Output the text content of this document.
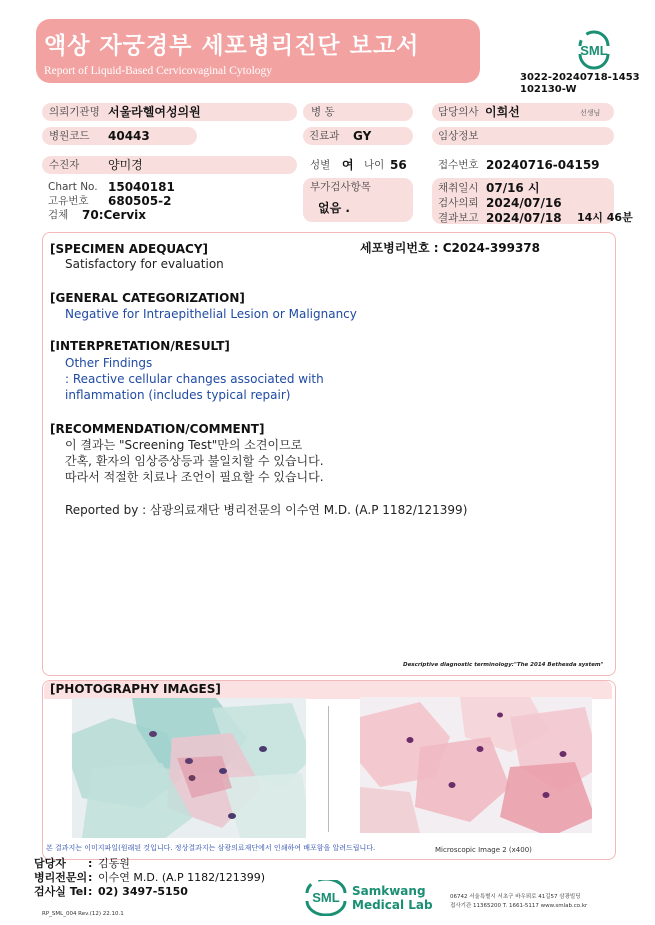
액상 자궁경부 세포병리진단 보고서
Report of Liquid-Based Cervicovaginal Cytology
SML
3022-20240718-1453
102130-W
의뢰기관명 서울라헬여성의원	병 동	담당의사 이희선	선생님
병원코드 40443	진료과 GY	임상정보
수진자 양미경	성별 여 나이 56	접수번호 20240716-04159
Chart No. 15040181
고유번호 680505-2
검체 70:Cervix
부가검사항목
없음 .
채취일시 07/16 시
검사의뢰 2024/07/16
결과보고 2024/07/18 14시 46분
[SPECIMEN ADEQUACY]	세포병리번호 : C2024-399378
Satisfactory for evaluation
[GENERAL CATEGORIZATION]
Negative for Intraepithelial Lesion or Malignancy
[INTERPRETATION/RESULT]
Other Findings
: Reactive cellular changes associated with
inflammation (includes typical repair)
[RECOMMENDATION/COMMENT]
이 결과는 "Screening Test"만의 소견이므로
간혹, 환자의 임상증상등과 불일치할 수 있습니다.
따라서 적절한 치료나 조언이 필요할 수 있습니다.
Reported by : 삼광의료재단 병리전문의 이수연 M.D. (A.P 1182/121399)
Descriptive diagnostic terminology:"The 2014 Bethesda system"
[PHOTOGRAPHY IMAGES]
본 결과지는 이미지파일(원래된 것입니다. 정상결과지는 삼광의료재단에서 인쇄하여 배포함을 알려드립니다.	Microscopic Image 2 (x400)
담당자 : 김동원
병리전문의 : 이수연 M.D. (A.P 1182/121399)
검사실 Tel : 02) 3497-5150
RP_SML_004 Rev.(12) 22.10.1
SML Samkwang
Medical Lab
06742 서울특별시 서초구 바우뫼로 41길57 삼광빌딩
접사기관 11365200 T. 1661-5117 www.smlab.co.kr
